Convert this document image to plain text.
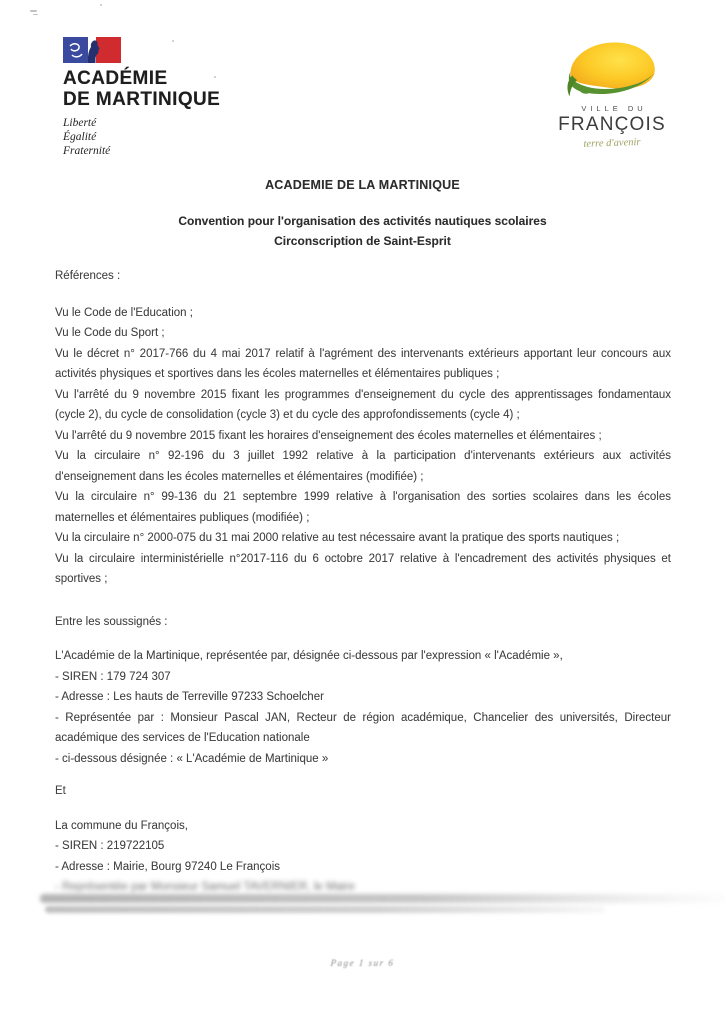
ACADÉMIE
DE MARTINIQUE
Liberté
Égalité
Fraternité
VILLE DU
FRANÇOIS
terre d'avenir
ACADEMIE DE LA MARTINIQUE
Convention pour l'organisation des activités nautiques scolaires
Circonscription de Saint-Esprit

Références :

Vu le Code de l'Education ;

Vu le Code du Sport ;

Vu le décret n° 2017-766 du 4 mai 2017 relatif à l'agrément des intervenants extérieurs apportant leur concours aux activités physiques et sportives dans les écoles maternelles et élémentaires publiques ;

Vu l'arrêté du 9 novembre 2015 fixant les programmes d'enseignement du cycle des apprentissages fondamentaux (cycle 2), du cycle de consolidation (cycle 3) et du cycle des approfondissements (cycle 4) ;

Vu l'arrêté du 9 novembre 2015 fixant les horaires d'enseignement des écoles maternelles et élémentaires ;

Vu la circulaire n° 92-196 du 3 juillet 1992 relative à la participation d'intervenants extérieurs aux activités d'enseignement dans les écoles maternelles et élémentaires (modifiée) ;

Vu la circulaire n° 99-136 du 21 septembre 1999 relative à l'organisation des sorties scolaires dans les écoles maternelles et élémentaires publiques (modifiée) ;

Vu la circulaire n° 2000-075 du 31 mai 2000 relative au test nécessaire avant la pratique des sports nautiques ;

Vu la circulaire interministérielle n°2017-116 du 6 octobre 2017 relative à l'encadrement des activités physiques et sportives ;

Entre les soussignés :

L'Académie de la Martinique, représentée par, désignée ci-dessous par l'expression « l'Académie »,

- SIREN : 179 724 307

- Adresse : Les hauts de Terreville 97233 Schoelcher

- Représentée par : Monsieur Pascal JAN, Recteur de région académique, Chancelier des universités, Directeur académique des services de l'Education nationale

- ci-dessous désignée : « L'Académie de Martinique »

Et

La commune du François,

- SIREN : 219722105

- Adresse : Mairie, Bourg 97240 Le François

- Représentée par Monsieur Samuel TAVERNIER, le Maire

Page 1 sur 6
